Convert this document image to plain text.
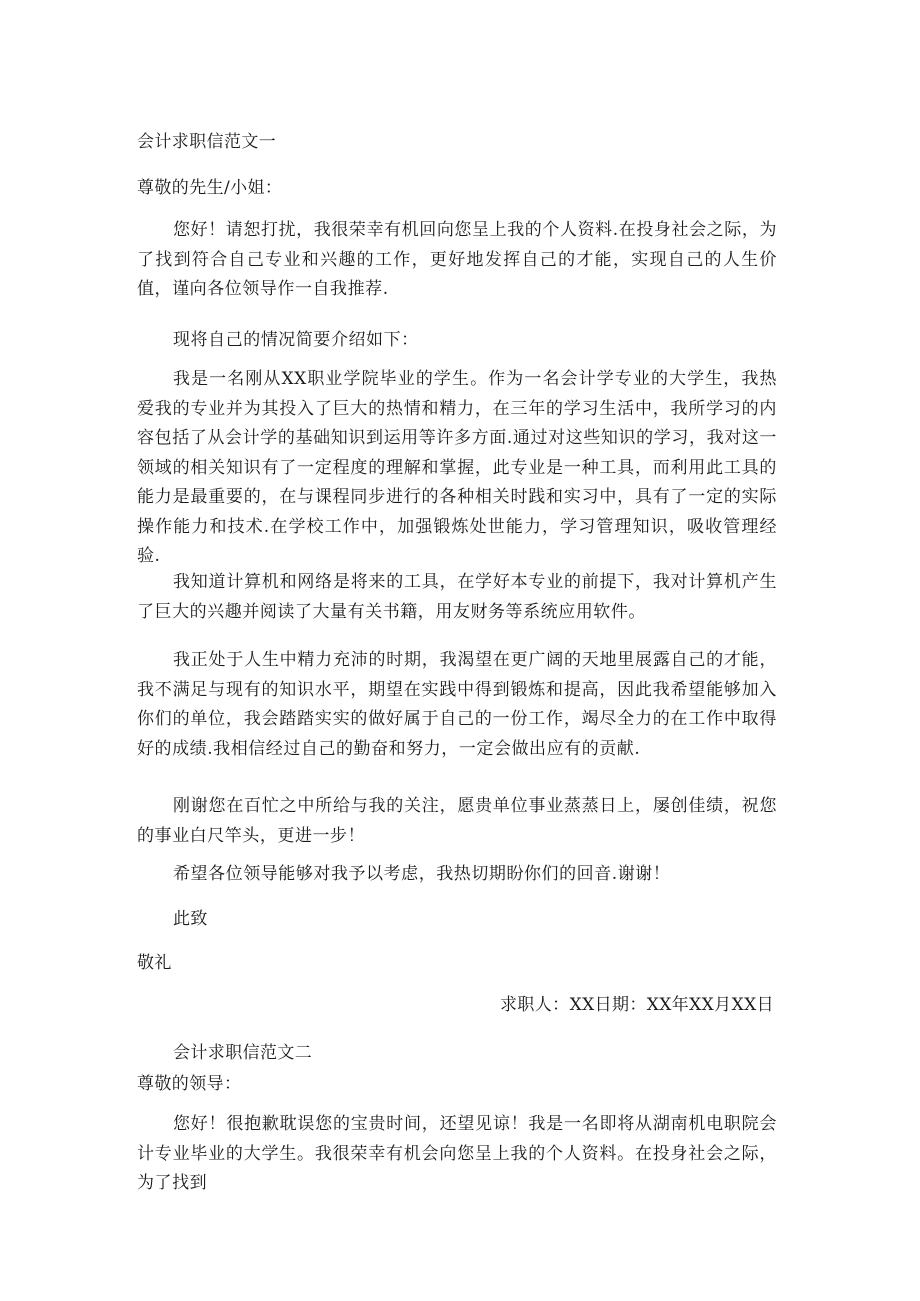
会计求职信范文一

尊敬的先生/小姐：

您好！请恕打扰，我很荣幸有机回向您呈上我的个人资料.在投身社会之际，为了找到符合自己专业和兴趣的工作，更好地发挥自己的才能，实现自己的人生价值，谨向各位领导作一自我推荐.

现将自己的情况简要介绍如下：

我是一名刚从XX职业学院毕业的学生。作为一名会计学专业的大学生，我热爱我的专业并为其投入了巨大的热情和精力，在三年的学习生活中，我所学习的内容包括了从会计学的基础知识到运用等许多方面.通过对这些知识的学习，我对这一领域的相关知识有了一定程度的理解和掌握，此专业是一种工具，而利用此工具的能力是最重要的，在与课程同步进行的各种相关时践和实习中，具有了一定的实际操作能力和技术.在学校工作中，加强锻炼处世能力，学习管理知识，吸收管理经验.

我知道计算机和网络是将来的工具，在学好本专业的前提下，我对计算机产生了巨大的兴趣并阅读了大量有关书籍，用友财务等系统应用软件。

我正处于人生中精力充沛的时期，我渴望在更广阔的天地里展露自己的才能，我不满足与现有的知识水平，期望在实践中得到锻炼和提高，因此我希望能够加入你们的单位，我会踏踏实实的做好属于自己的一份工作，竭尽全力的在工作中取得好的成绩.我相信经过自己的勤奋和努力，一定会做出应有的贡献.

刚谢您在百忙之中所给与我的关注，愿贵单位事业蒸蒸日上，屡创佳绩，祝您的事业白尺竿头，更进一步！

希望各位领导能够对我予以考虑，我热切期盼你们的回音.谢谢！

此致

敬礼

求职人：XX日期：XX年XX月XX日

会计求职信范文二

尊敬的领导：

您好！很抱歉耽误您的宝贵时间，还望见谅！我是一名即将从湖南机电职院会计专业毕业的大学生。我很荣幸有机会向您呈上我的个人资料。在投身社会之际，为了找到
